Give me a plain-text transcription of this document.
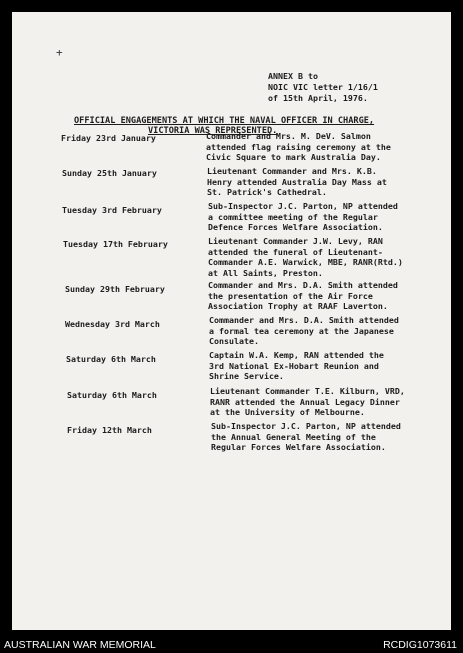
+
ANNEX B to
NOIC VIC letter 1/16/1
of 15th April, 1976.
OFFICIAL ENGAGEMENTS AT WHICH THE NAVAL OFFICER IN CHARGE,
VICTORIA WAS REPRESENTED.
Friday 23rd January	Commander and Mrs. M. DeV. Salmon
attended flag raising ceremony at the
Civic Square to mark Australia Day.
Sunday 25th January	Lieutenant Commander and Mrs. K.B.
Henry attended Australia Day Mass at
St. Patrick's Cathedral.
Tuesday 3rd February	Sub-Inspector J.C. Parton, NP attended
a committee meeting of the Regular
Defence Forces Welfare Association.
Tuesday 17th February	Lieutenant Commander J.W. Levy, RAN
attended the funeral of Lieutenant-
Commander A.E. Warwick, MBE, RANR(Rtd.)
at All Saints, Preston.
Sunday 29th February	Commander and Mrs. D.A. Smith attended
the presentation of the Air Force
Association Trophy at RAAF Laverton.
Wednesday 3rd March	Commander and Mrs. D.A. Smith attended
a formal tea ceremony at the Japanese
Consulate.
Saturday 6th March	Captain W.A. Kemp, RAN attended the
3rd National Ex-Hobart Reunion and
Shrine Service.
Saturday 6th March	Lieutenant Commander T.E. Kilburn, VRD,
RANR attended the Annual Legacy Dinner
at the University of Melbourne.
Friday 12th March	Sub-Inspector J.C. Parton, NP attended
the Annual General Meeting of the
Regular Forces Welfare Association.
AUSTRALIAN WAR MEMORIAL	RCDIG1073611
